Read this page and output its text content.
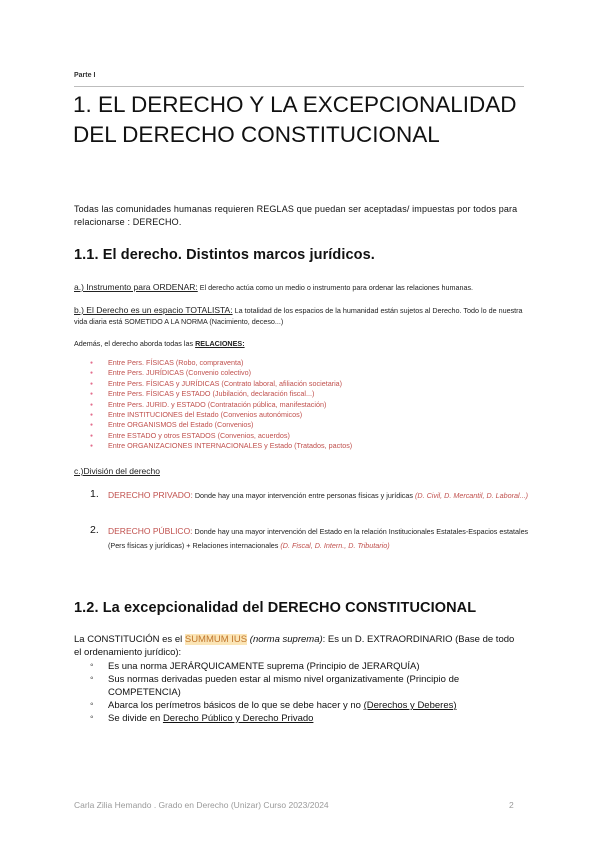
Parte I
1. EL DERECHO Y LA EXCEPCIONALIDAD DEL DERECHO CONSTITUCIONAL
Todas las comunidades humanas requieren REGLAS que puedan ser aceptadas/ impuestas por todos para relacionarse : DERECHO.
1.1. El derecho. Distintos marcos jurídicos.
a.) Instrumento para ORDENAR: El derecho actúa como un medio o instrumento para ordenar las relaciones humanas.
b.) El Derecho es un espacio TOTALISTA: La totalidad de los espacios de la humanidad están sujetos al Derecho. Todo lo de nuestra vida diaria está SOMETIDO A LA NORMA (Nacimiento, deceso...)
Además, el derecho aborda todas las RELACIONES:
● Entre Pers. FÍSICAS (Robo, compraventa)
● Entre Pers. JURÍDICAS (Convenio colectivo)
● Entre Pers. FÍSICAS y JURÍDICAS (Contrato laboral, afiliación societaria)
● Entre Pers. FÍSICAS y ESTADO (Jubilación, declaración fiscal...)
● Entre Pers. JURID. y ESTADO (Contratación pública, manifestación)
● Entre INSTITUCIONES del Estado (Convenios autonómicos)
● Entre ORGANISMOS del Estado (Convenios)
● Entre ESTADO y otros ESTADOS (Convenios, acuerdos)
● Entre ORGANIZACIONES INTERNACIONALES y Estado (Tratados, pactos)
c.)División del derecho
1. DERECHO PRIVADO: Donde hay una mayor intervención entre personas físicas y jurídicas (D. Civil, D. Mercantil, D. Laboral...)
2. DERECHO PÚBLICO: Donde hay una mayor intervención del Estado en la relación Institucionales Estatales-Espacios estatales (Pers físicas y jurídicas) + Relaciones internacionales (D. Fiscal, D. Intern., D. Tributario)
1.2. La excepcionalidad del DERECHO CONSTITUCIONAL
La CONSTITUCIÓN es el SUMMUM IUS (norma suprema): Es un D. EXTRAORDINARIO (Base de todo el ordenamiento jurídico):
◦ Es una norma JERÁRQUICAMENTE suprema (Principio de JERARQUÍA)
◦ Sus normas derivadas pueden estar al mismo nivel organizativamente (Principio de COMPETENCIA)
◦ Abarca los perímetros básicos de lo que se debe hacer y no (Derechos y Deberes)
◦ Se divide en Derecho Público y Derecho Privado
Carla Zilia Hemando . Grado en Derecho (Unizar) Curso 2023/2024	2
